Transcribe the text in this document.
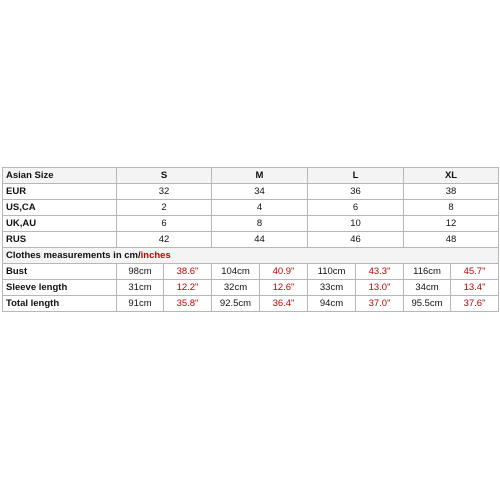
Asian Size	S		M		L		XL	
EUR	32		34		36		38	
US,CA	2		4		6		8	
UK,AU	6		8		10		12	
RUS	42		44		46		48	
Clothes measurements in cm/inches								
Bust	98cm	38.6"	104cm	40.9"	110cm	43.3"	116cm	45.7"
Sleeve length	31cm	12.2"	32cm	12.6"	33cm	13.0"	34cm	13.4"
Total length	91cm	35.8"	92.5cm	36.4"	94cm	37.0"	95.5cm	37.6"
